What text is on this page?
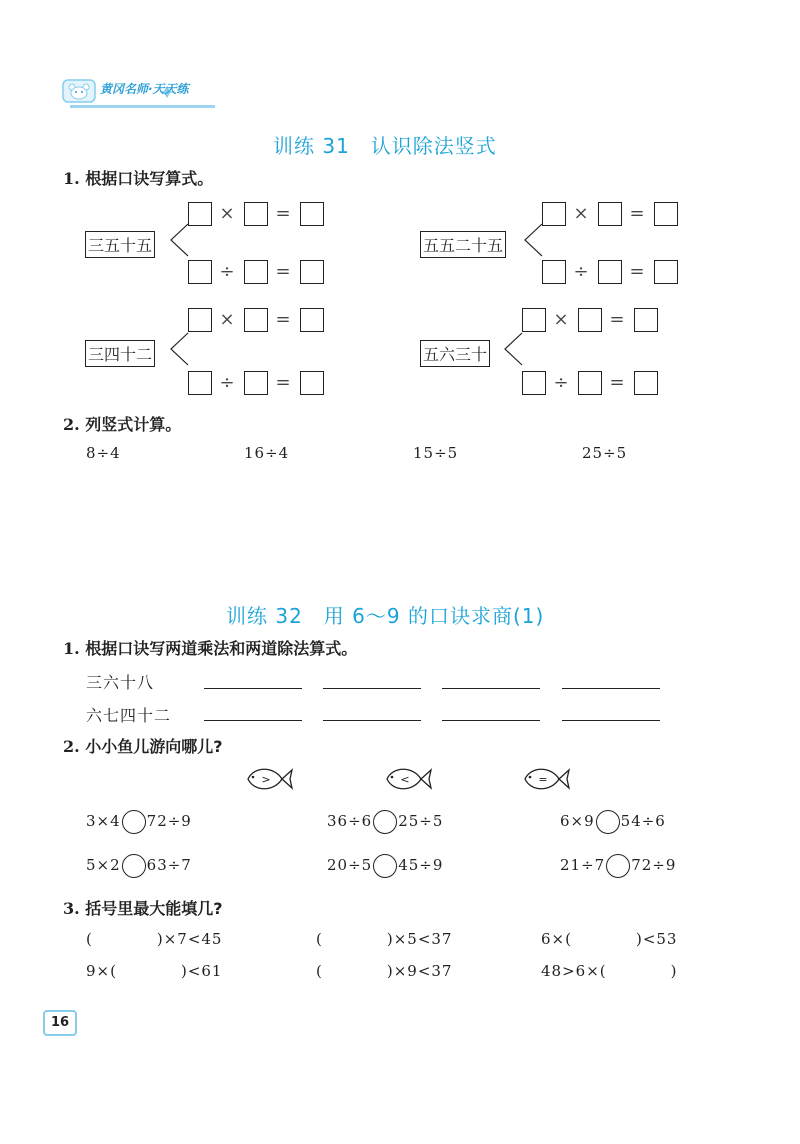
黄冈名师·天天练
训练 31　认识除法竖式
1. 根据口诀写算式。
三五十五
× =
÷ =
五五二十五
× =
÷ =
三四十二
× =
÷ =
五六三十
× =
÷ =
2. 列竖式计算。
8÷4	16÷4	15÷5	25÷5
训练 32　用 6～9 的口诀求商(1)
1. 根据口诀写两道乘法和两道除法算式。
三六十八
六七四十二
2. 小小鱼儿游向哪儿?
>	<	=
3×4 72÷9	36÷6 25÷5	6×9 54÷6
5×2 63÷7	20÷5 45÷9	21÷7 72÷9
3. 括号里最大能填几?
(　　　　)×7<45	(　　　　)×5<37	6×(　　　　)<53
9×(　　　　)<61	(　　　　)×9<37	48>6×(　　　　)
16
